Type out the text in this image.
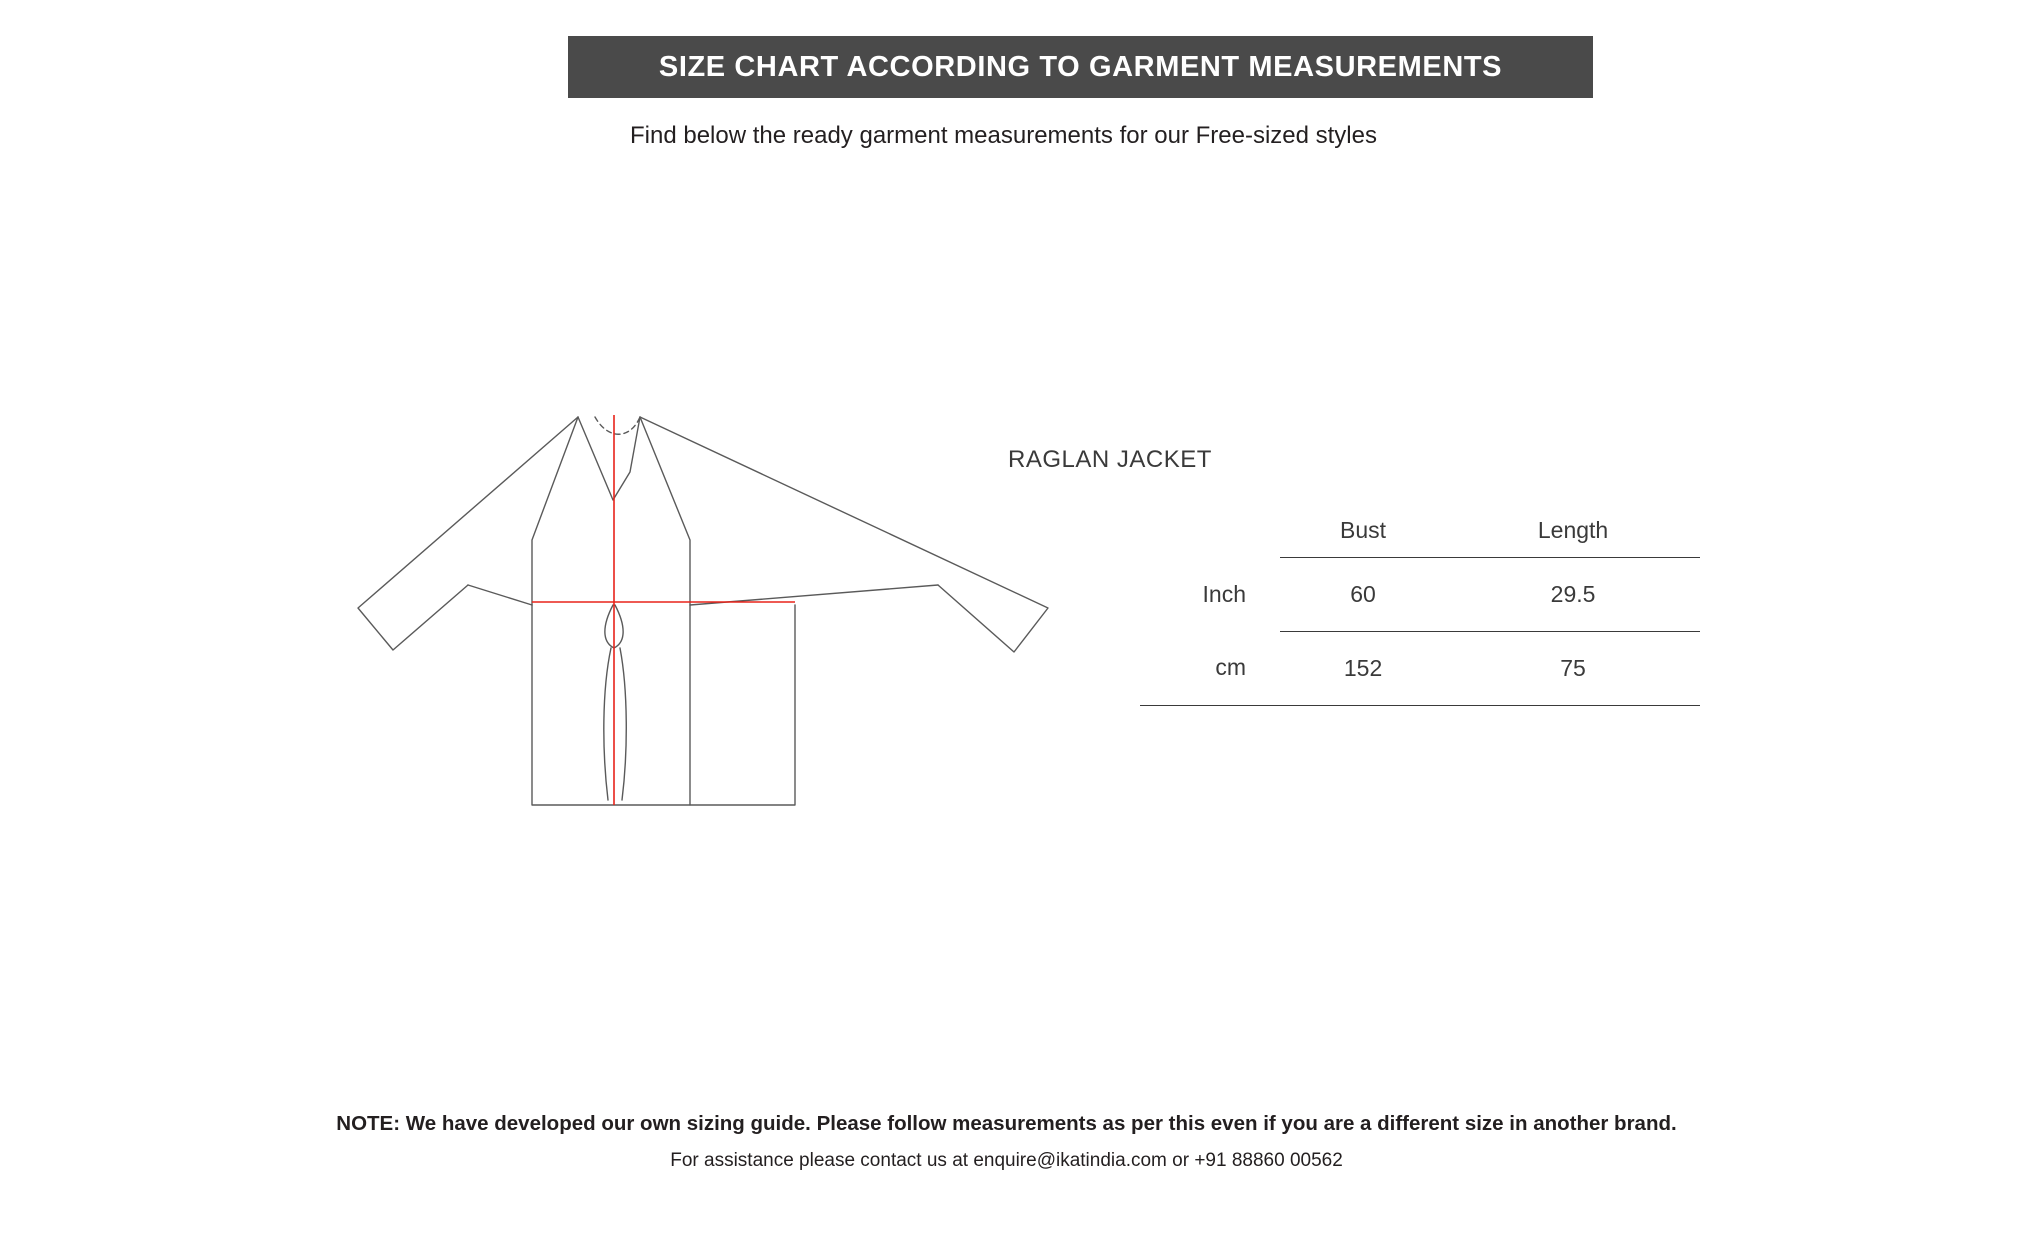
SIZE CHART ACCORDING TO GARMENT MEASUREMENTS
Find below the ready garment measurements for our Free-sized styles
RAGLAN JACKET
	Bust	Length
Inch	60	29.5
cm	152	75
NOTE: We have developed our own sizing guide. Please follow measurements as per this even if you are a different size in another brand.
For assistance please contact us at enquire@ikatindia.com or +91 88860 00562
